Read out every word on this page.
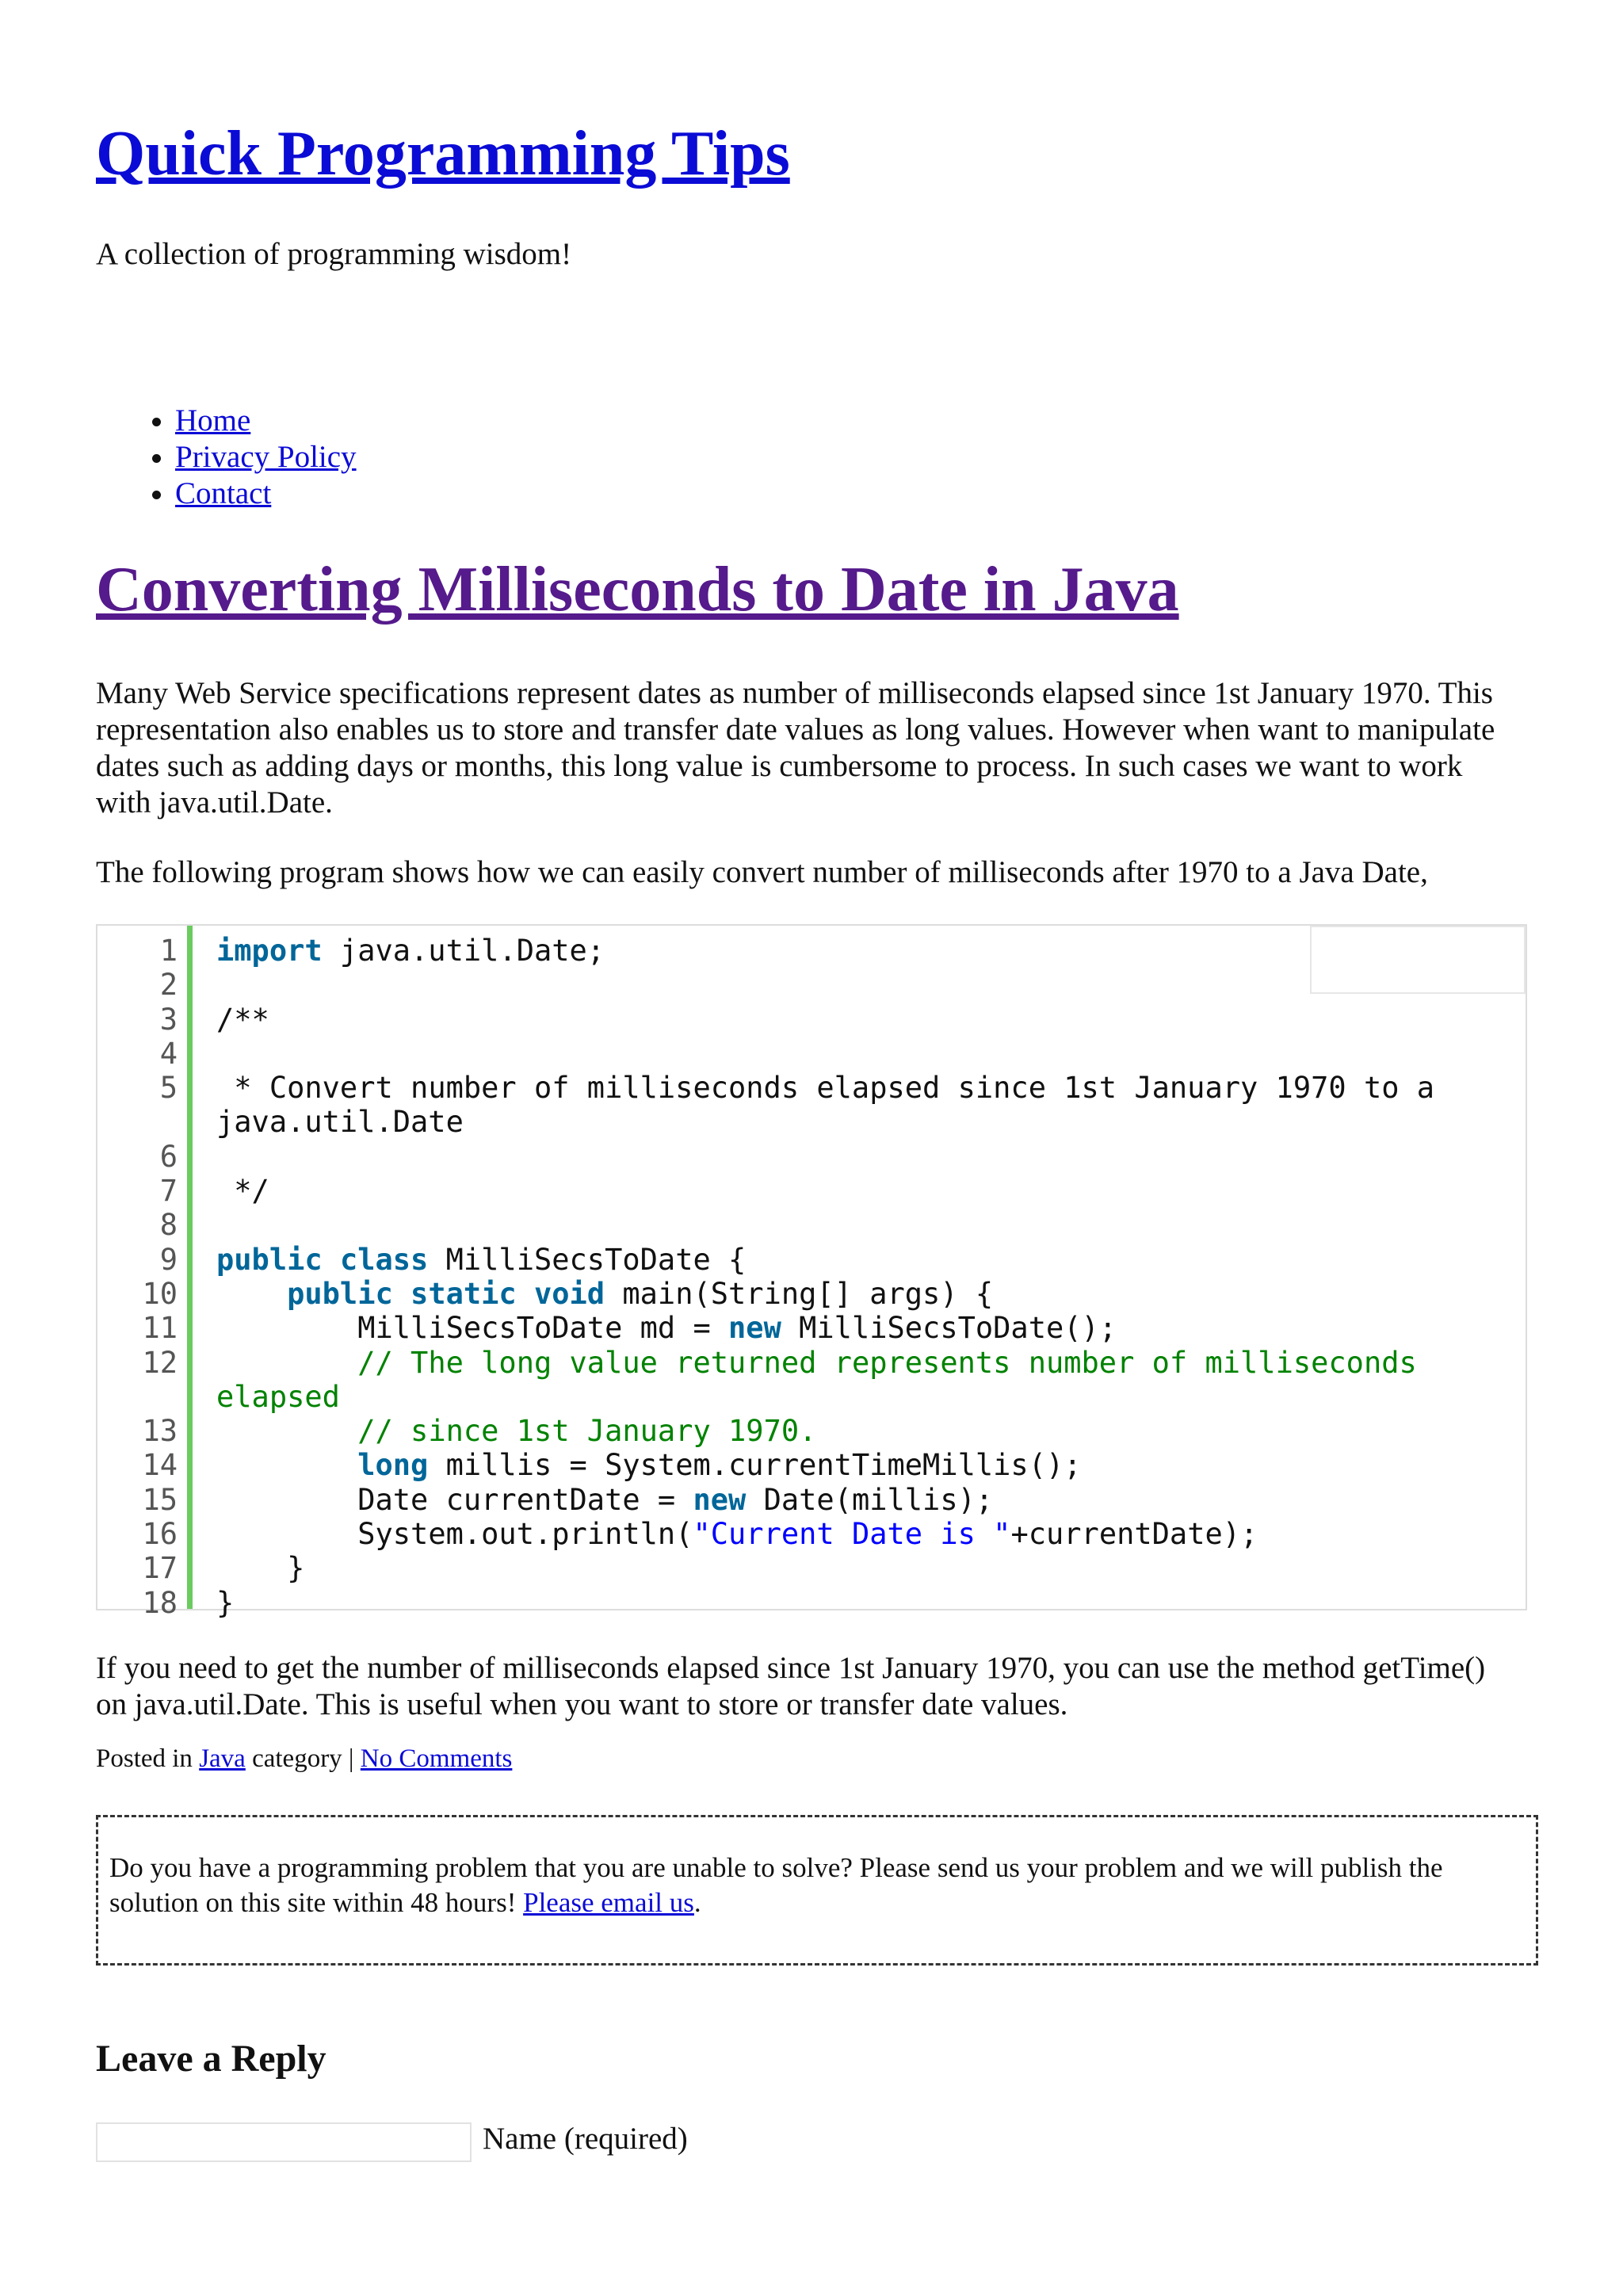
Quick Programming Tips

A collection of programming wisdom!

• Home
• Privacy Policy
• Contact
Converting Milliseconds to Date in Java

Many Web Service specifications represent dates as number of milliseconds elapsed since 1st January 1970. This representation also enables us to store and transfer date values as long values. However when want to manipulate dates such as adding days or months, this long value is cumbersome to process. In such cases we want to work with java.util.Date.

The following program shows how we can easily convert number of milliseconds after 1970 to a Java Date,

1
2
3
4
5

6
7
8
9
10
11
12

13
14
15
16
17
18
import java.util.Date;

/**

* Convert number of milliseconds elapsed since 1st January 1970 to a java.util.Date

*/

public class MilliSecsToDate {
public static void main(String[] args) {
MilliSecsToDate md = new MilliSecsToDate();
// The long value returned represents number of milliseconds elapsed
// since 1st January 1970.
long millis = System.currentTimeMillis();
Date currentDate = new Date(millis);
System.out.println("Current Date is "+currentDate);
}
}

If you need to get the number of milliseconds elapsed since 1st January 1970, you can use the method getTime() on java.util.Date. This is useful when you want to store or transfer date values.

Posted in Java category | No Comments

Do you have a programming problem that you are unable to solve? Please send us your problem and we will publish the solution on this site within 48 hours! Please email us.
Leave a Reply
Name (required)
